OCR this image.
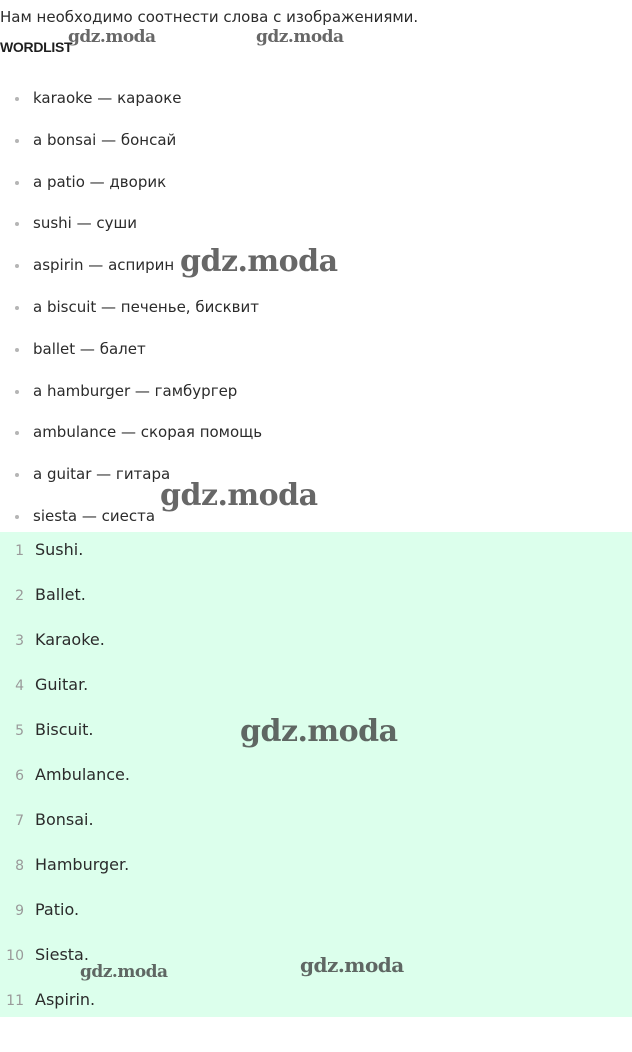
Нам необходимо соотнести слова с изображениями.
WORDLIST
karaoke — караоке
a bonsai — бонсай
a patio — дворик
sushi — суши
aspirin — аспирин
a biscuit — печенье, бисквит
ballet — балет
a hamburger — гамбургер
ambulance — скорая помощь
a guitar — гитара
siesta — сиеста
1 Sushi.
2 Ballet.
3 Karaoke.
4 Guitar.
5 Biscuit.
6 Ambulance.
7 Bonsai.
8 Hamburger.
9 Patio.
10 Siesta.
11 Aspirin.
gdz.moda	gdz.moda
gdz.moda
gdz.moda
gdz.moda
gdz.moda	gdz.moda
